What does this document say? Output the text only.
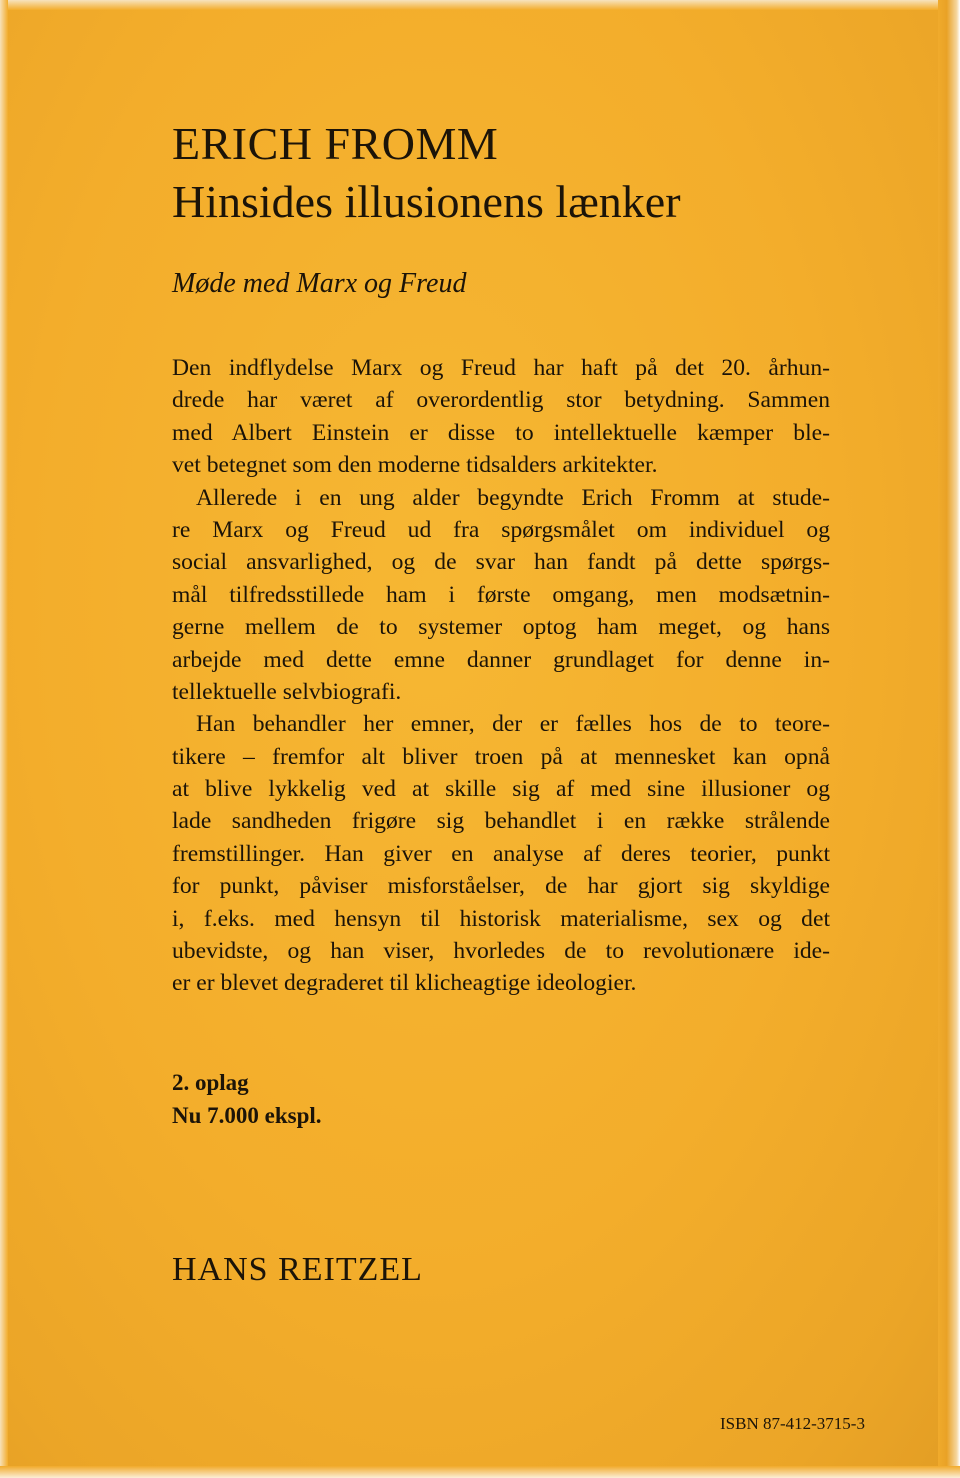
ERICH FROMM
Hinsides illusionens lænker
Møde med Marx og Freud
Den indflydelse Marx og Freud har haft på det 20. århun-
drede har været af overordentlig stor betydning. Sammen
med Albert Einstein er disse to intellektuelle kæmper ble-
vet betegnet som den moderne tidsalders arkitekter.
Allerede i en ung alder begyndte Erich Fromm at stude-
re Marx og Freud ud fra spørgsmålet om individuel og
social ansvarlighed, og de svar han fandt på dette spørgs-
mål tilfredsstillede ham i første omgang, men modsætnin-
gerne mellem de to systemer optog ham meget, og hans
arbejde med dette emne danner grundlaget for denne in-
tellektuelle selvbiografi.
Han behandler her emner, der er fælles hos de to teore-
tikere – fremfor alt bliver troen på at mennesket kan opnå
at blive lykkelig ved at skille sig af med sine illusioner og
lade sandheden frigøre sig behandlet i en række strålende
fremstillinger. Han giver en analyse af deres teorier, punkt
for punkt, påviser misforståelser, de har gjort sig skyldige
i, f.eks. med hensyn til historisk materialisme, sex og det
ubevidste, og han viser, hvorledes de to revolutionære ide-
er er blevet degraderet til klicheagtige ideologier.
2. oplag
Nu 7.000 ekspl.
HANS REITZEL
ISBN 87-412-3715-3
